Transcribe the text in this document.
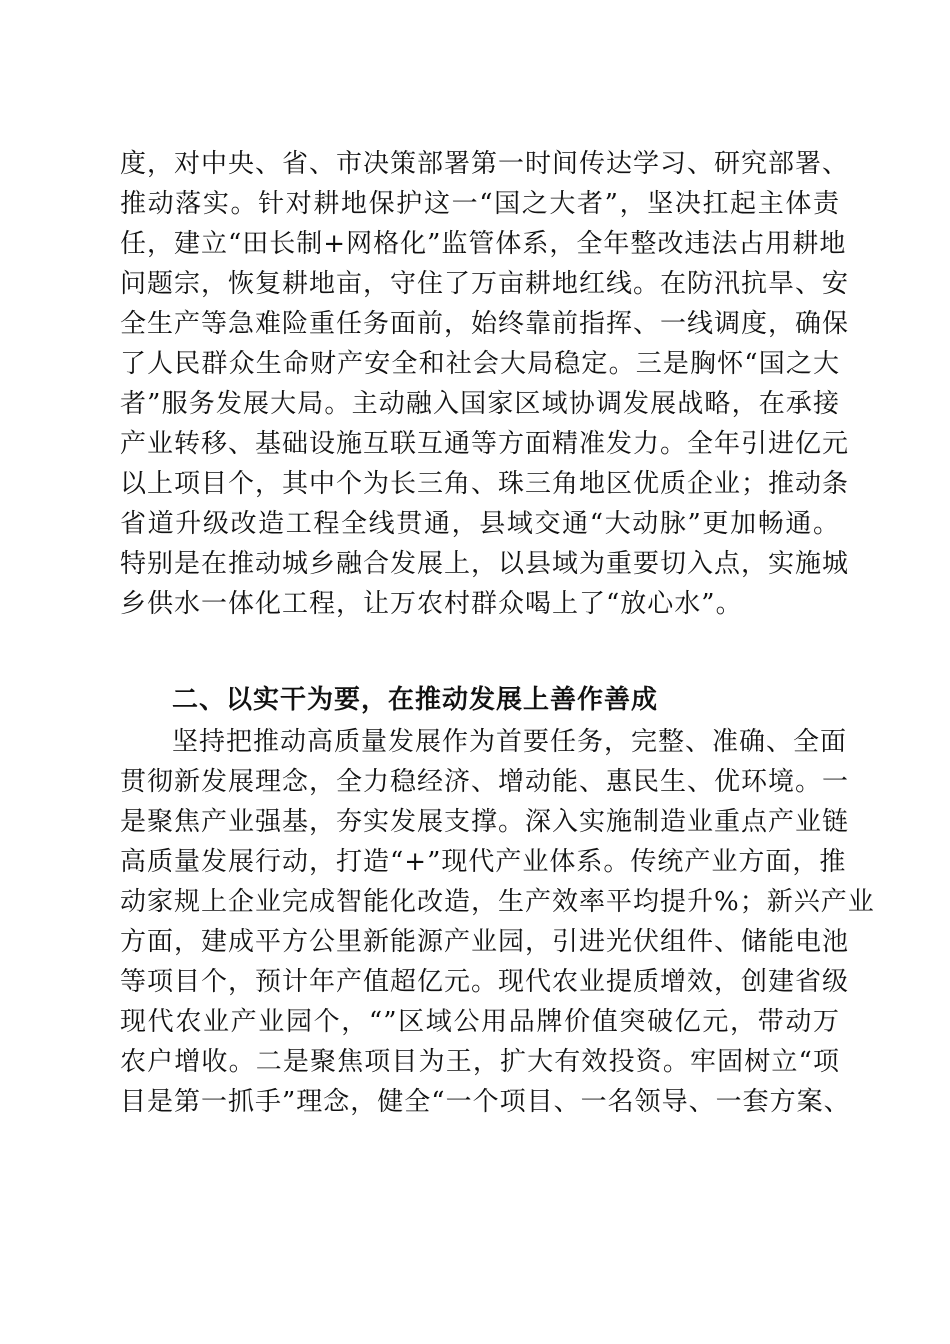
度，对中央、省、市决策部署第一时间传达学习、研究部署、
推动落实。针对耕地保护这一“国之大者”，坚决扛起主体责
任，建立“田长制+网格化”监管体系，全年整改违法占用耕地
问题宗，恢复耕地亩，守住了万亩耕地红线。在防汛抗旱、安
全生产等急难险重任务面前，始终靠前指挥、一线调度，确保
了人民群众生命财产安全和社会大局稳定。三是胸怀“国之大
者”服务发展大局。主动融入国家区域协调发展战略，在承接
产业转移、基础设施互联互通等方面精准发力。全年引进亿元
以上项目个，其中个为长三角、珠三角地区优质企业；推动条
省道升级改造工程全线贯通，县域交通“大动脉”更加畅通。
特别是在推动城乡融合发展上，以县域为重要切入点，实施城
乡供水一体化工程，让万农村群众喝上了“放心水”。
二、以实干为要，在推动发展上善作善成
坚持把推动高质量发展作为首要任务，完整、准确、全面
贯彻新发展理念，全力稳经济、增动能、惠民生、优环境。一
是聚焦产业强基，夯实发展支撑。深入实施制造业重点产业链
高质量发展行动，打造“+”现代产业体系。传统产业方面，推
动家规上企业完成智能化改造，生产效率平均提升%；新兴产业
方面，建成平方公里新能源产业园，引进光伏组件、储能电池
等项目个，预计年产值超亿元。现代农业提质增效，创建省级
现代农业产业园个，“”区域公用品牌价值突破亿元，带动万
农户增收。二是聚焦项目为王，扩大有效投资。牢固树立“项
目是第一抓手”理念，健全“一个项目、一名领导、一套方案、
